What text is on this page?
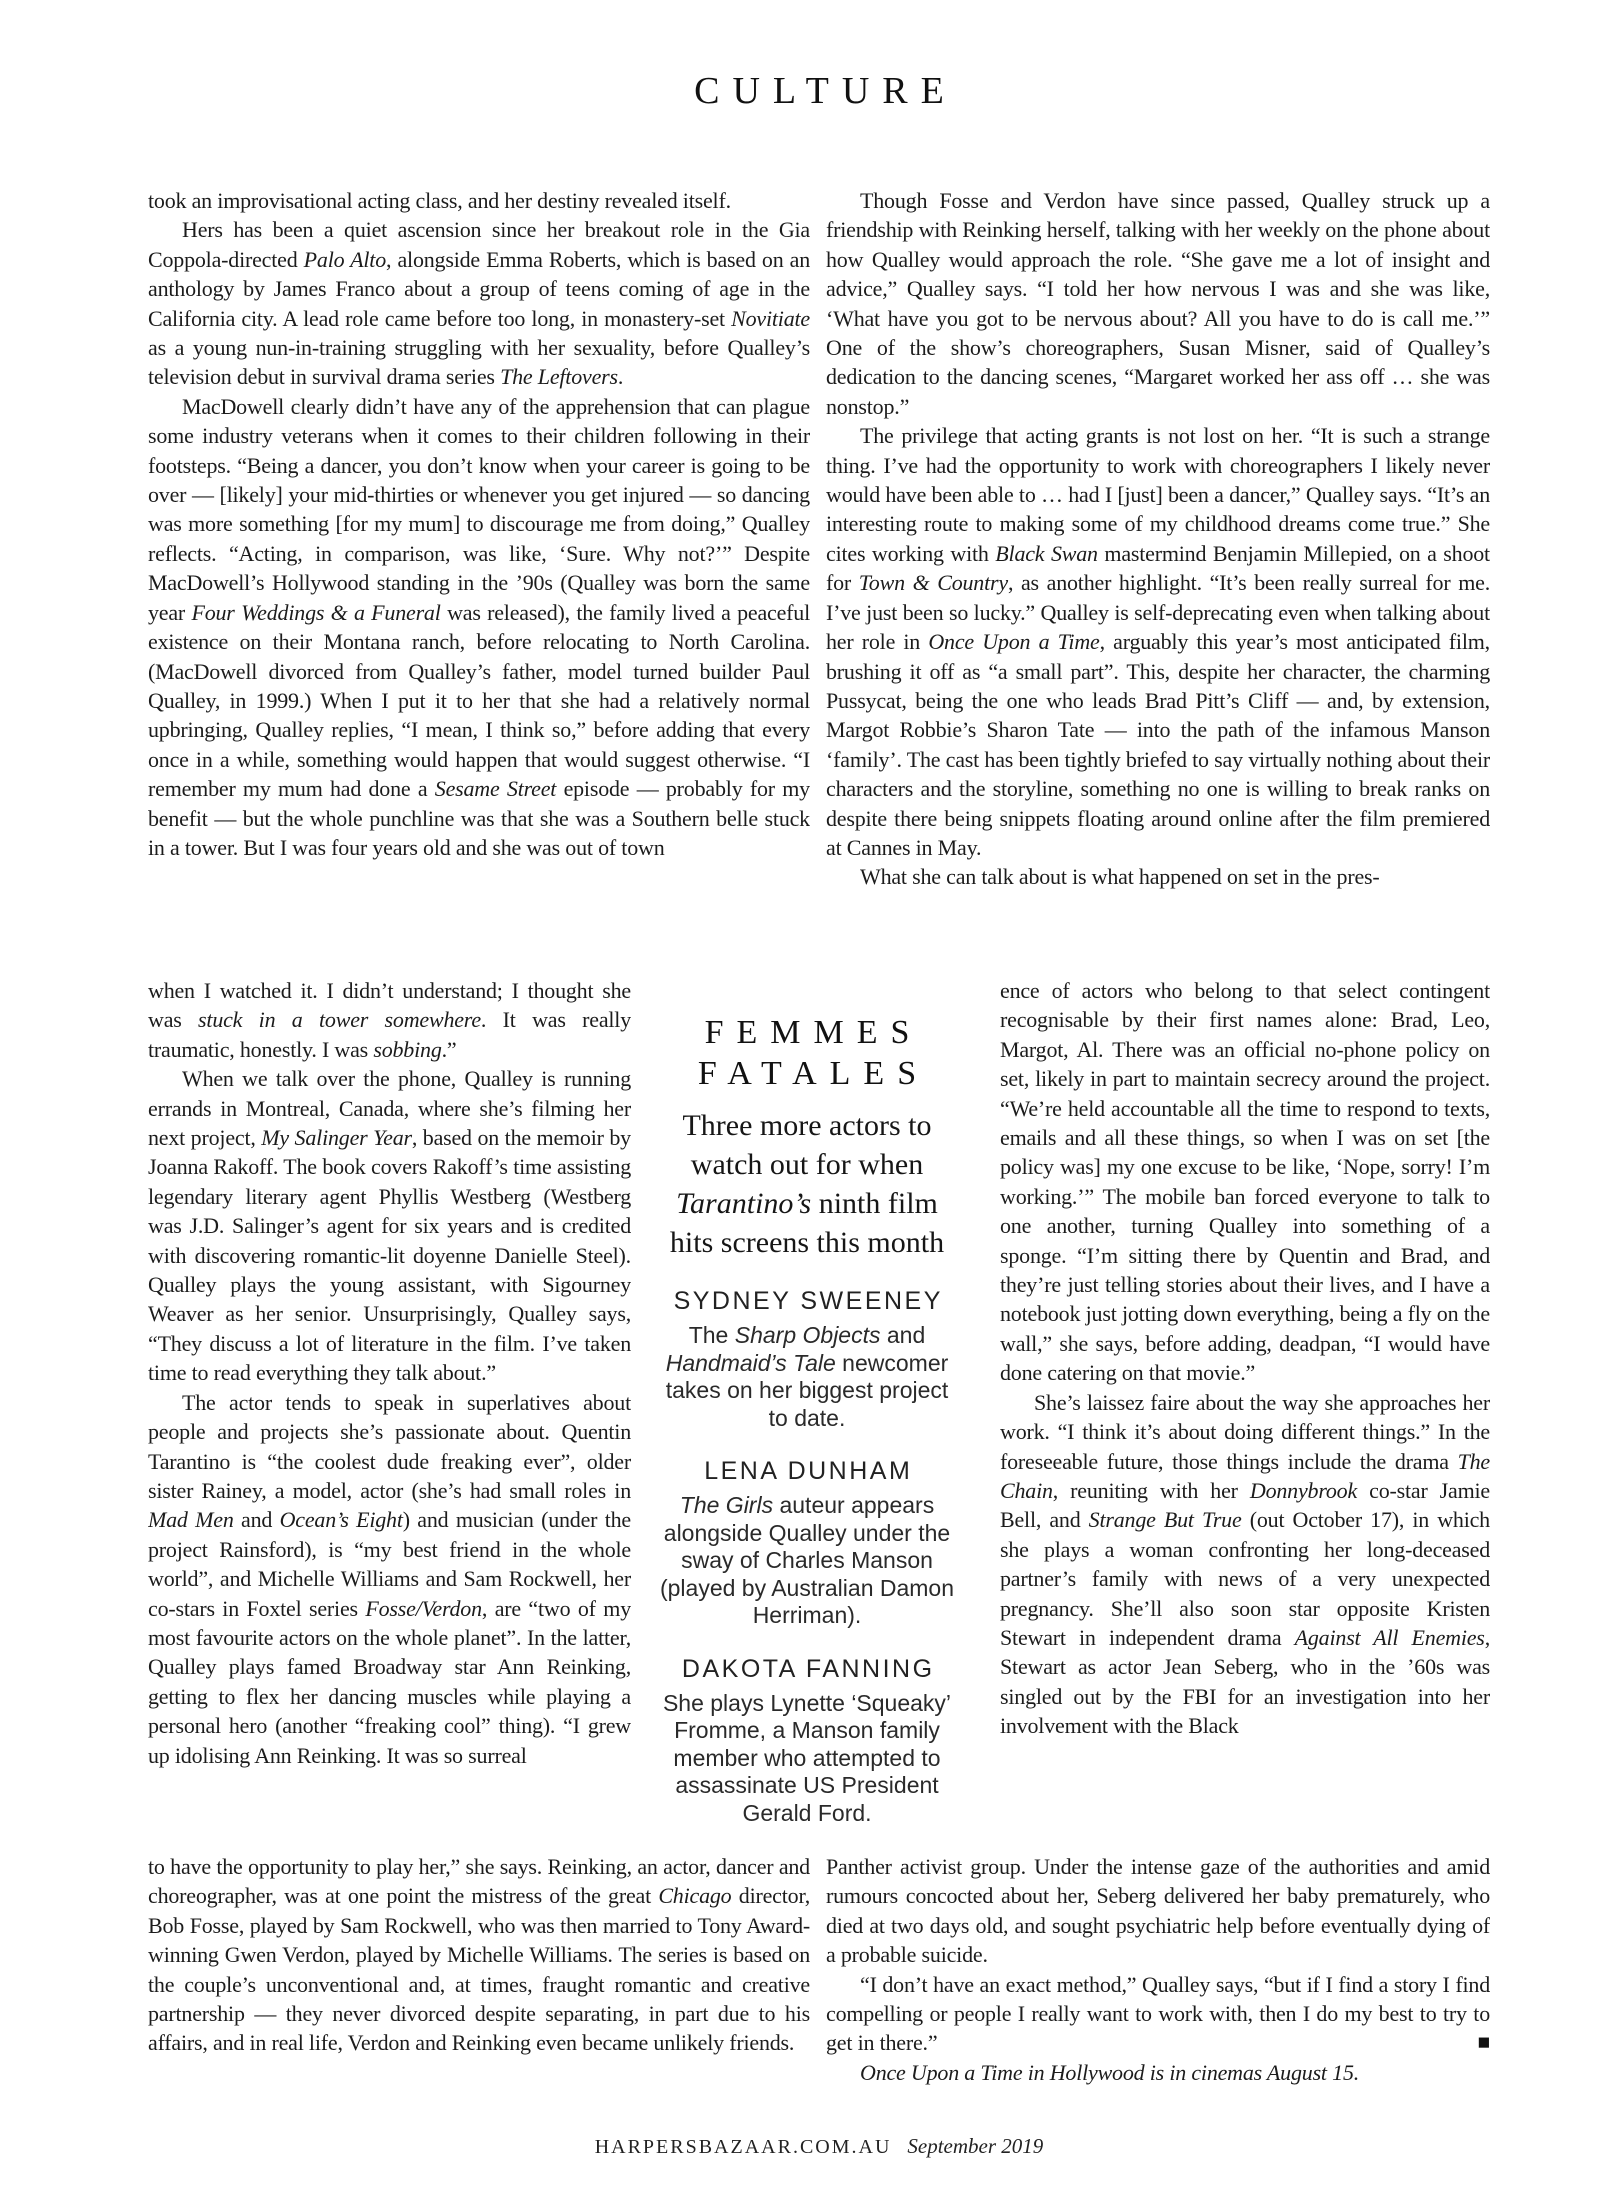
CULTURE

took an improvisational acting class, and her destiny revealed itself.

Hers has been a quiet ascension since her breakout role in the Gia Coppola-directed Palo Alto, alongside Emma Roberts, which is based on an anthology by James Franco about a group of teens coming of age in the California city. A lead role came before too long, in monastery-set Novitiate as a young nun-in-training struggling with her sexuality, before Qualley’s television debut in survival drama series The Leftovers.

MacDowell clearly didn’t have any of the apprehension that can plague some industry veterans when it comes to their children following in their footsteps. “Being a dancer, you don’t know when your career is going to be over — [likely] your mid-thirties or whenever you get injured — so dancing was more something [for my mum] to discourage me from doing,” Qualley reflects. “Acting, in comparison, was like, ‘Sure. Why not?’” Despite MacDowell’s Hollywood standing in the ’90s (Qualley was born the same year Four Weddings & a Funeral was released), the family lived a peaceful existence on their Montana ranch, before relocating to North Carolina. (MacDowell divorced from Qualley’s father, model turned builder Paul Qualley, in 1999.) When I put it to her that she had a relatively normal upbringing, Qualley replies, “I mean, I think so,” before adding that every once in a while, something would happen that would suggest otherwise. “I remember my mum had done a Sesame Street episode — probably for my benefit — but the whole punchline was that she was a Southern belle stuck in a tower. But I was four years old and she was out of town

when I watched it. I didn’t understand; I thought she was stuck in a tower somewhere. It was really traumatic, honestly. I was sobbing.”

When we talk over the phone, Qualley is running errands in Montreal, Canada, where she’s filming her next project, My Salinger Year, based on the memoir by Joanna Rakoff. The book covers Rakoff’s time assisting legendary literary agent Phyllis Westberg (Westberg was J.D. Salinger’s agent for six years and is credited with discovering romantic-lit doyenne Danielle Steel). Qualley plays the young assistant, with Sigourney Weaver as her senior. Unsurprisingly, Qualley says, “They discuss a lot of literature in the film. I’ve taken time to read everything they talk about.”

The actor tends to speak in superlatives about people and projects she’s passionate about. Quentin Tarantino is “the coolest dude freaking ever”, older sister Rainey, a model, actor (she’s had small roles in Mad Men and Ocean’s Eight) and musician (under the project Rainsford), is “my best friend in the whole world”, and Michelle Williams and Sam Rockwell, her co-stars in Foxtel series Fosse/Verdon, are “two of my most favourite actors on the whole planet”. In the latter, Qualley plays famed Broadway star Ann Reinking, getting to flex her dancing muscles while playing a personal hero (another “freaking cool” thing). “I grew up idolising Ann Reinking. It was so surreal

to have the opportunity to play her,” she says. Reinking, an actor, dancer and choreographer, was at one point the mistress of the great Chicago director, Bob Fosse, played by Sam Rockwell, who was then married to Tony Award-winning Gwen Verdon, played by Michelle Williams. The series is based on the couple’s unconventional and, at times, fraught romantic and creative partnership — they never divorced despite separating, in part due to his affairs, and in real life, Verdon and Reinking even became unlikely friends.

Though Fosse and Verdon have since passed, Qualley struck up a friendship with Reinking herself, talking with her weekly on the phone about how Qualley would approach the role. “She gave me a lot of insight and advice,” Qualley says. “I told her how nervous I was and she was like, ‘What have you got to be nervous about? All you have to do is call me.’” One of the show’s choreographers, Susan Misner, said of Qualley’s dedication to the dancing scenes, “Margaret worked her ass off … she was nonstop.”

The privilege that acting grants is not lost on her. “It is such a strange thing. I’ve had the opportunity to work with choreographers I likely never would have been able to … had I [just] been a dancer,” Qualley says. “It’s an interesting route to making some of my childhood dreams come true.” She cites working with Black Swan mastermind Benjamin Millepied, on a shoot for Town & Country, as another highlight. “It’s been really surreal for me. I’ve just been so lucky.” Qualley is self-deprecating even when talking about her role in Once Upon a Time, arguably this year’s most anticipated film, brushing it off as “a small part”. This, despite her character, the charming Pussycat, being the one who leads Brad Pitt’s Cliff — and, by extension, Margot Robbie’s Sharon Tate — into the path of the infamous Manson ‘family’. The cast has been tightly briefed to say virtually nothing about their characters and the storyline, something no one is willing to break ranks on despite there being snippets floating around online after the film premiered at Cannes in May.

What she can talk about is what happened on set in the pres-

ence of actors who belong to that select contingent recognisable by their first names alone: Brad, Leo, Margot, Al. There was an official no-phone policy on set, likely in part to maintain secrecy around the project. “We’re held accountable all the time to respond to texts, emails and all these things, so when I was on set [the policy was] my one excuse to be like, ‘Nope, sorry! I’m working.’” The mobile ban forced everyone to talk to one another, turning Qualley into something of a sponge. “I’m sitting there by Quentin and Brad, and they’re just telling stories about their lives, and I have a notebook just jotting down everything, being a fly on the wall,” she says, before adding, deadpan, “I would have done catering on that movie.”

She’s laissez faire about the way she approaches her work. “I think it’s about doing different things.” In the foreseeable future, those things include the drama The Chain, reuniting with her Donnybrook co-star Jamie Bell, and Strange But True (out October 17), in which she plays a woman confronting her long-deceased partner’s family with news of a very unexpected pregnancy. She’ll also soon star opposite Kristen Stewart in independent drama Against All Enemies, Stewart as actor Jean Seberg, who in the ’60s was singled out by the FBI for an investigation into her involvement with the Black

Panther activist group. Under the intense gaze of the authorities and amid rumours concocted about her, Seberg delivered her baby prematurely, who died at two days old, and sought psychiatric help before eventually dying of a probable suicide.

“I don’t have an exact method,” Qualley says, “but if I find a story I find compelling or people I really want to work with, then I do my best to try to get in there.”	■

Once Upon a Time in Hollywood is in cinemas August 15.

FEMMES
FATALES

Three more actors to watch out for when Tarantino’s ninth film hits screens this month

SYDNEY SWEENEY

The Sharp Objects and Handmaid’s Tale newcomer takes on her biggest project to date.

LENA DUNHAM

The Girls auteur appears alongside Qualley under the sway of Charles Manson (played by Australian Damon Herriman).

DAKOTA FANNING

She plays Lynette ‘Squeaky’ Fromme, a Manson family member who attempted to assassinate US President Gerald Ford.

HARPERSBAZAAR.COM.AU September 2019
